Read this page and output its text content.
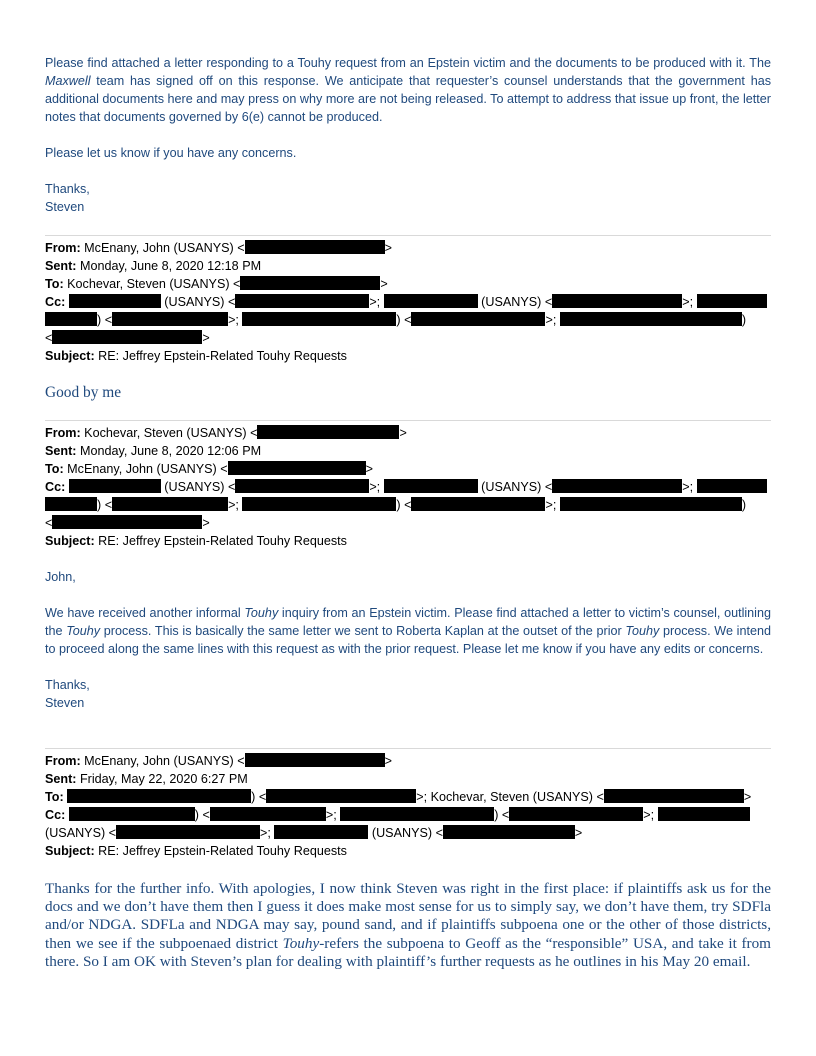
Please find attached a letter responding to a Touhy request from an Epstein victim and the documents to be produced with it. The Maxwell team has signed off on this response. We anticipate that requester’s counsel understands that the government has additional documents here and may press on why more are not being released. To attempt to address that issue up front, the letter notes that documents governed by 6(e) cannot be produced.

Please let us know if you have any concerns.

Thanks,

Steven

From: McEnany, John (USANYS) <	>
Sent: Monday, June 8, 2020 12:18 PM
To: Kochevar, Steven (USANYS) <	>
Cc:	(USANYS) <	>;	(USANYS) <	>;
) <	>;	) <	>;	)
<	>
Subject: RE: Jeffrey Epstein-Related Touhy Requests
Good by me
From: Kochevar, Steven (USANYS) <	>
Sent: Monday, June 8, 2020 12:06 PM
To: McEnany, John (USANYS) <	>
Cc:	(USANYS) <	>;	(USANYS) <	>;
) <	>;	) <	>;	)
<	>
Subject: RE: Jeffrey Epstein-Related Touhy Requests

John,

We have received another informal Touhy inquiry from an Epstein victim. Please find attached a letter to victim’s counsel, outlining the Touhy process. This is basically the same letter we sent to Roberta Kaplan at the outset of the prior Touhy process. We intend to proceed along the same lines with this request as with the prior request. Please let me know if you have any edits or concerns.

Thanks,

Steven

From: McEnany, John (USANYS) <	>
Sent: Friday, May 22, 2020 6:27 PM
To:	) <	>; Kochevar, Steven (USANYS) <	>
Cc:	) <	>;	) <	>;
(USANYS) <	>;	(USANYS) <	>
Subject: RE: Jeffrey Epstein-Related Touhy Requests

Thanks for the further info. With apologies, I now think Steven was right in the first place: if plaintiffs ask us for the docs and we don’t have them then I guess it does make most sense for us to simply say, we don’t have them, try SDFla and/or NDGA. SDFLa and NDGA may say, pound sand, and if plaintiffs subpoena one or the other of those districts, then we see if the subpoenaed district Touhy-refers the subpoena to Geoff as the “responsible” USA, and take it from there. So I am OK with Steven’s plan for dealing with plaintiff’s further requests as he outlines in his May 20 email.
